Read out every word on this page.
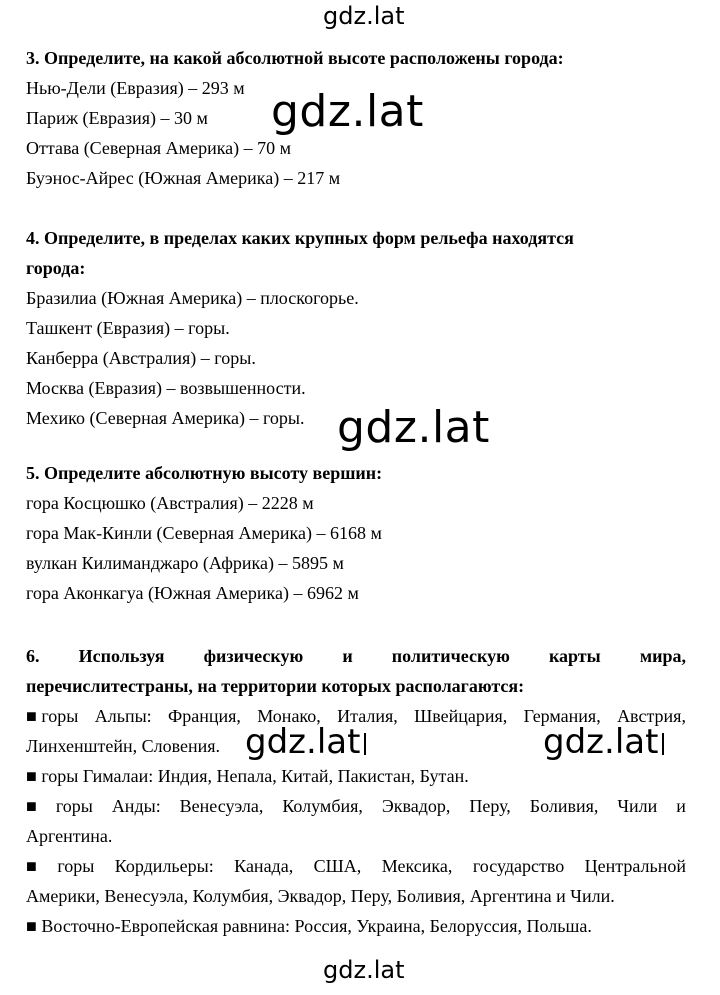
gdz.lat
gdz.lat
gdz.lat
gdz.lat	gdz.lat
gdz.lat
3. Определите, на какой абсолютной высоте расположены города:
Нью-Дели (Евразия) – 293 м
Париж (Евразия) – 30 м
Оттава (Северная Америка) – 70 м
Буэнос-Айрес (Южная Америка) – 217 м
4. Определите, в пределах каких крупных форм рельефа находятся
города:
Бразилиа (Южная Америка) – плоскогорье.
Ташкент (Евразия) – горы.
Канберра (Австралия) – горы.
Москва (Евразия) – возвышенности.
Мехико (Северная Америка) – горы.
5. Определите абсолютную высоту вершин:
гора Косцюшко (Австралия) – 2228 м
гора Мак-Кинли (Северная Америка) – 6168 м
вулкан Килиманджаро (Африка) – 5895 м
гора Аконкагуа (Южная Америка) – 6962 м
6. Используя физическую и политическую карты мира,
перечислитестраны, на территории которых располагаются:
■ горы Альпы: Франция, Монако, Италия, Швейцария, Германия, Австрия,
Линхенштейн, Словения.
■ горы Гималаи: Индия, Непала, Китай, Пакистан, Бутан.
■ горы Анды: Венесуэла, Колумбия, Эквадор, Перу, Боливия, Чили и
Аргентина.
■ горы Кордильеры: Канада, США, Мексика, государство Центральной
Америки, Венесуэла, Колумбия, Эквадор, Перу, Боливия, Аргентина и Чили.
■ Восточно-Европейская равнина: Россия, Украина, Белоруссия, Польша.
